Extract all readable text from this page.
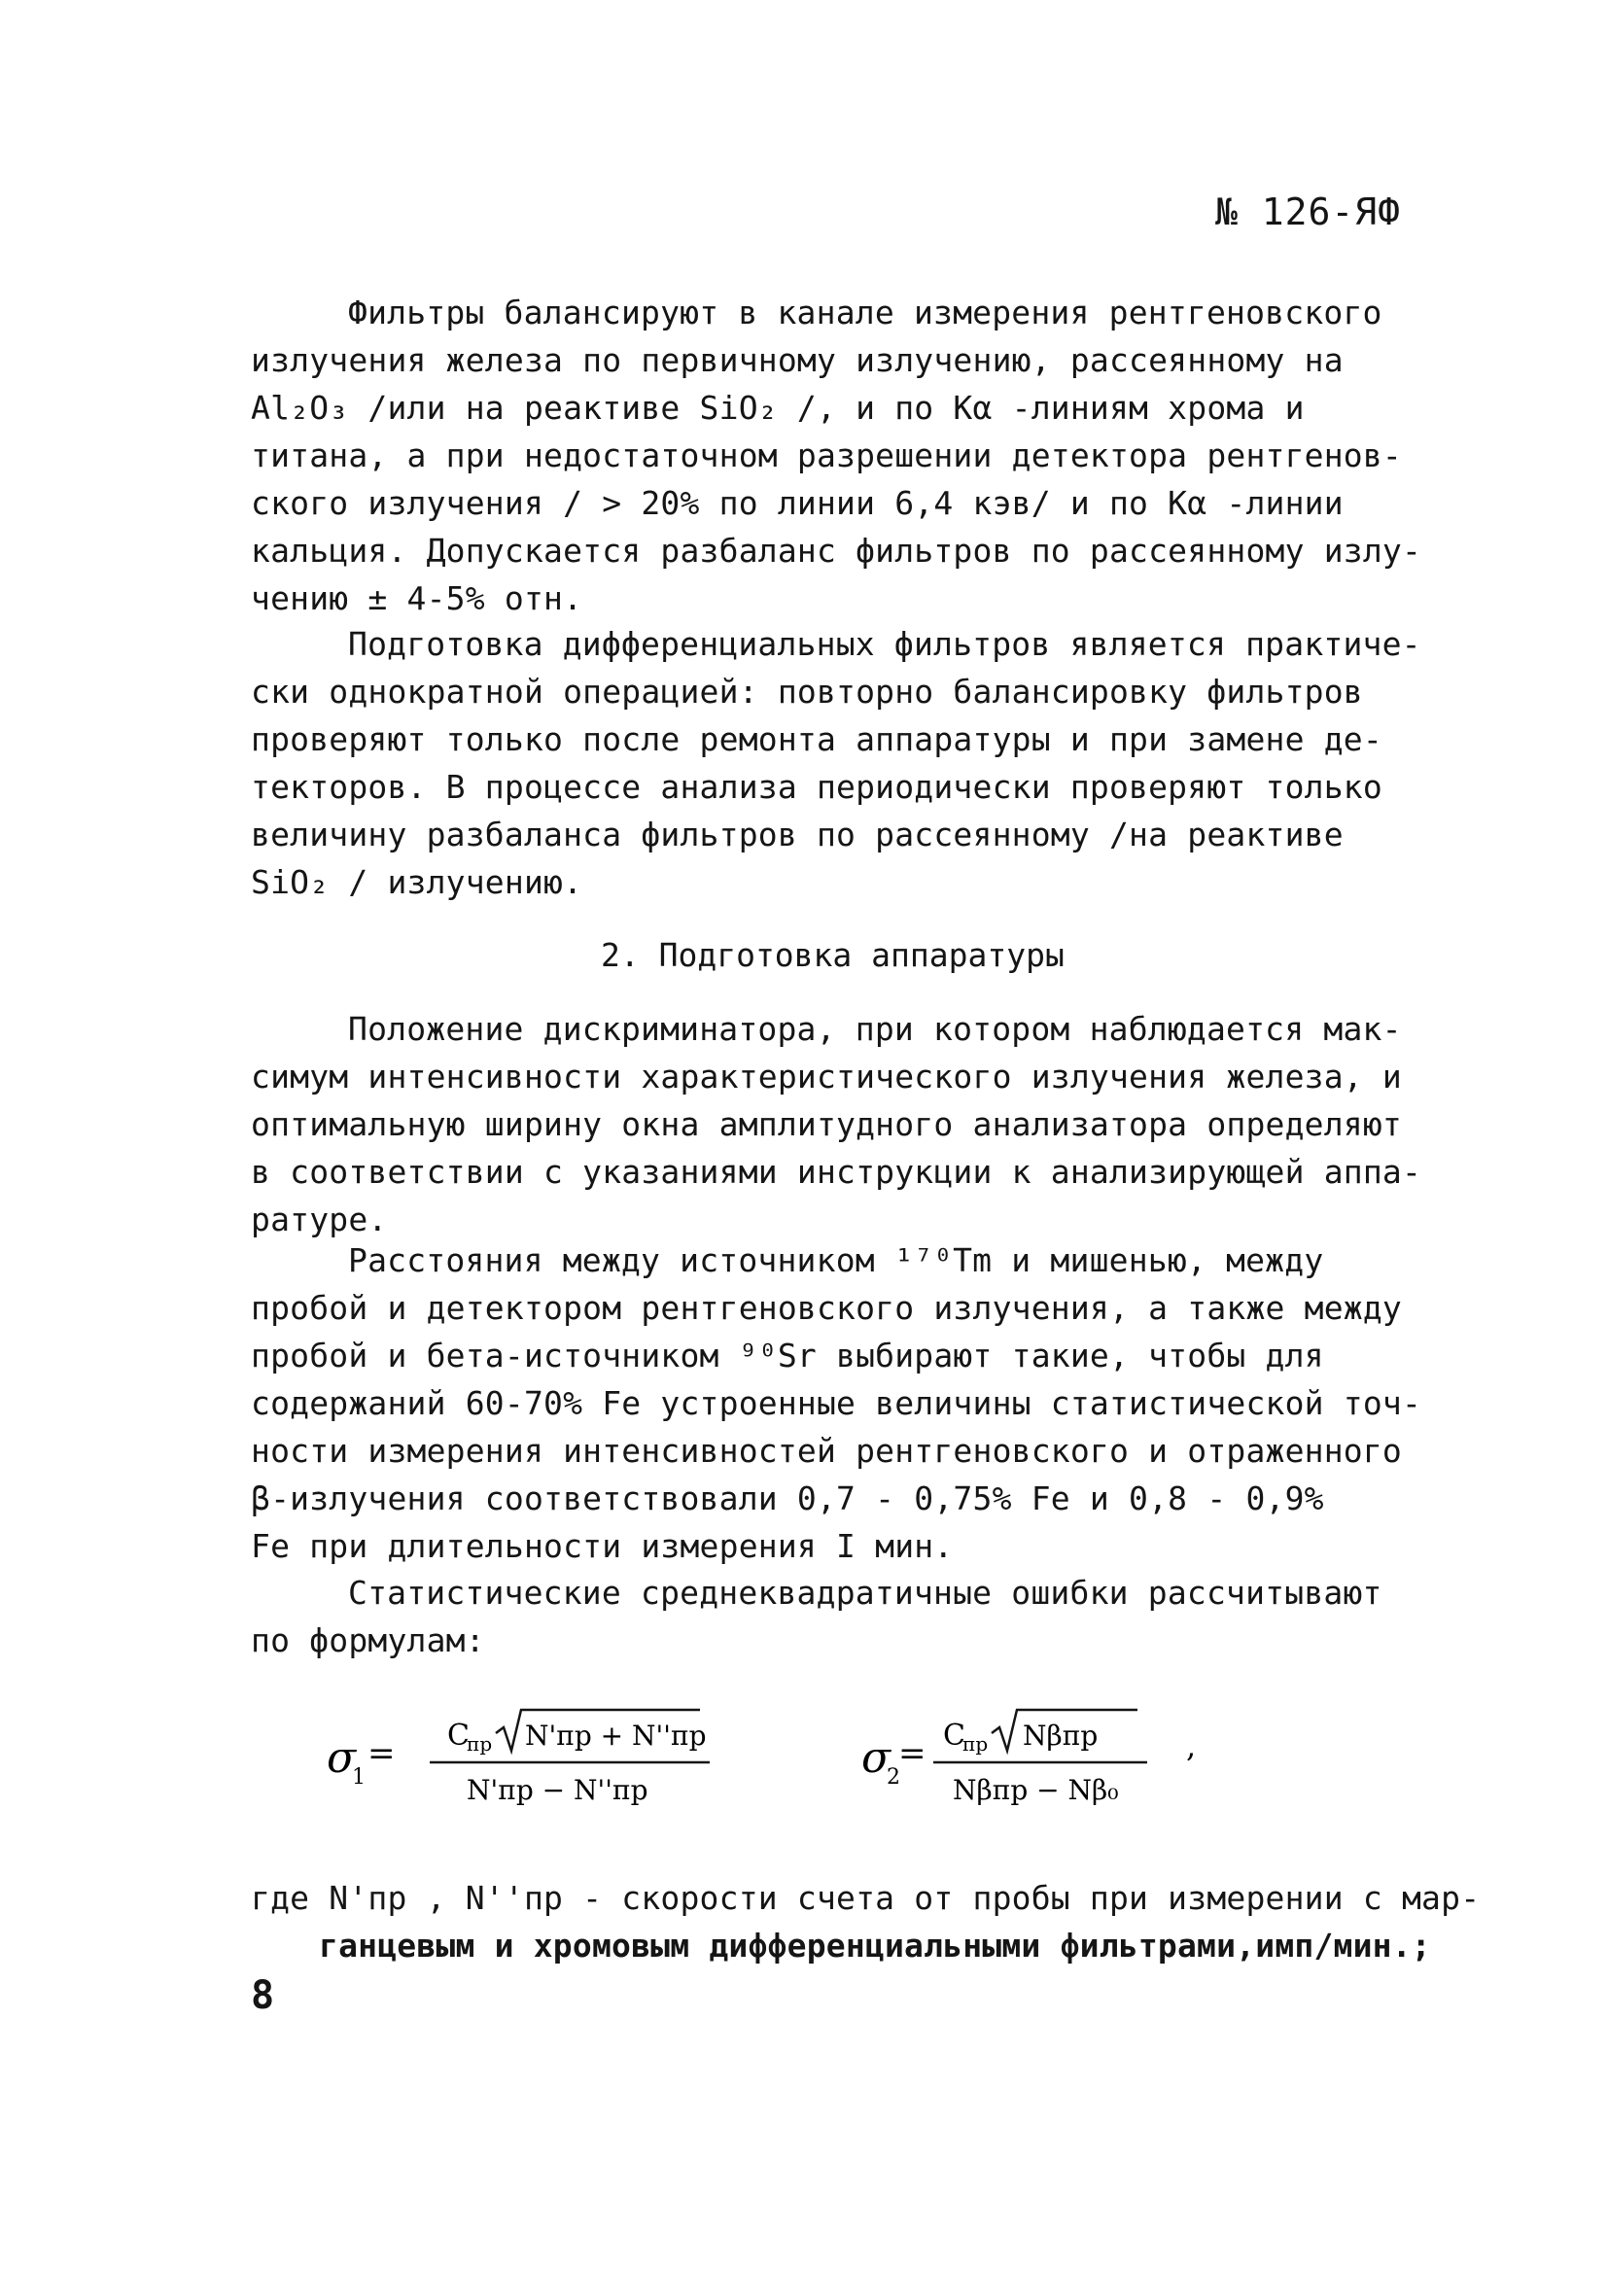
№ 126-ЯФ
Фильтры балансируют в канале измерения рентгеновского
излучения железа по первичному излучению, рассеянному на
Al₂O₃ /или на реактиве SiO₂ /, и по Kα -линиям хрома и
титана, а при недостаточном разрешении детектора рентгенов-
ского излучения / > 20% по линии 6,4 кэв/ и по Kα -линии
кальция. Допускается разбаланс фильтров по рассеянному излу-
чению ± 4-5% отн.
Подготовка дифференциальных фильтров является практиче-
ски однократной операцией: повторно балансировку фильтров
проверяют только после ремонта аппаратуры и при замене де-
текторов. В процессе анализа периодически проверяют только
величину разбаланса фильтров по рассеянному /на реактиве
SiO₂ / излучению.
2. Подготовка аппаратуры
Положение дискриминатора, при котором наблюдается мак-
симум интенсивности характеристического излучения железа, и
оптимальную ширину окна амплитудного анализатора определяют
в соответствии с указаниями инструкции к анализирующей аппа-
ратуре.
Расстояния между источником ¹⁷⁰Tm и мишенью, между
пробой и детектором рентгеновского излучения, а также между
пробой и бета-источником ⁹⁰Sr выбирают такие, чтобы для
содержаний 60-70% Fe устроенные величины статистической точ-
ности измерения интенсивностей рентгеновского и отраженного
β-излучения соответствовали 0,7 - 0,75% Fe и 0,8 - 0,9%
Fe при длительности измерения I мин.
Статистические среднеквадратичные ошибки рассчитывают
по формулам:
σ
1
= C
пр N'пр + N''пр
N'пр − N''пр
σ
2
= C
пр Nβпр
Nβпр − Nβ₀
,
где N'пр , N''пр - скорости счета от пробы при измерении с мар-
ганцевым и хромовым дифференциальными фильтрами,имп/мин.;
8
